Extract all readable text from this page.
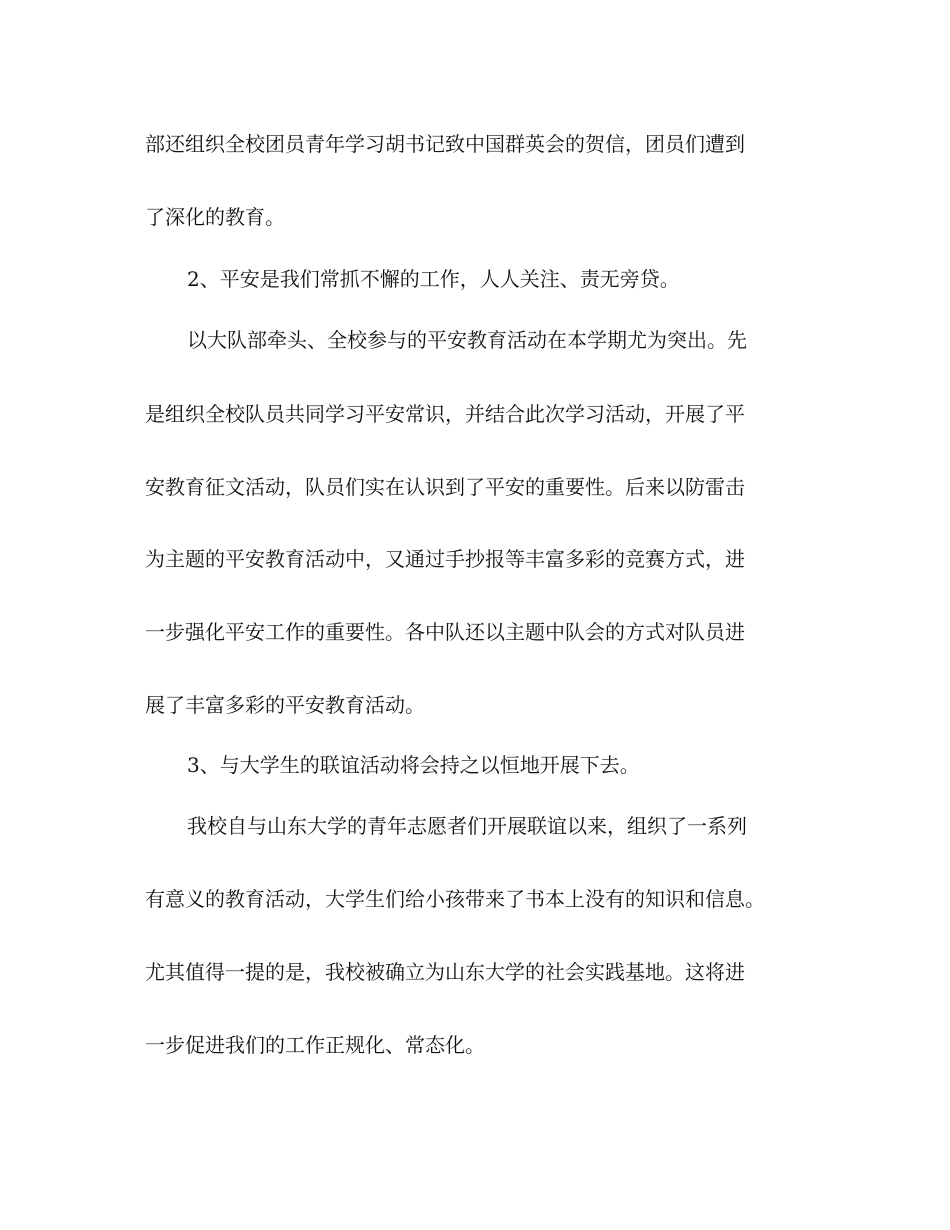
部还组织全校团员青年学习胡书记致中国群英会的贺信，团员们遭到

了深化的教育。

2、平安是我们常抓不懈的工作，人人关注、责无旁贷。

以大队部牵头、全校参与的平安教育活动在本学期尤为突出。先

是组织全校队员共同学习平安常识，并结合此次学习活动，开展了平

安教育征文活动，队员们实在认识到了平安的重要性。后来以防雷击

为主题的平安教育活动中，又通过手抄报等丰富多彩的竞赛方式，进

一步强化平安工作的重要性。各中队还以主题中队会的方式对队员进

展了丰富多彩的平安教育活动。

3、与大学生的联谊活动将会持之以恒地开展下去。

我校自与山东大学的青年志愿者们开展联谊以来，组织了一系列

有意义的教育活动，大学生们给小孩带来了书本上没有的知识和信息。

尤其值得一提的是，我校被确立为山东大学的社会实践基地。这将进

一步促进我们的工作正规化、常态化。
